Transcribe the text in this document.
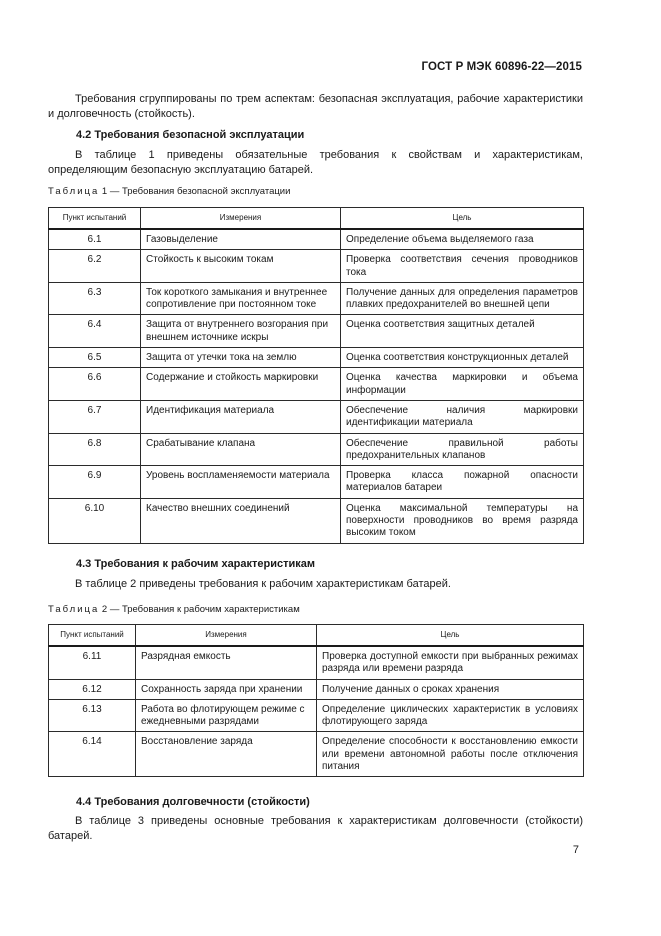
ГОСТ Р МЭК 60896-22—2015
Требования сгруппированы по трем аспектам: безопасная эксплуатация, рабочие характеристики и долговечность (стойкость).
4.2 Требования безопасной эксплуатации
В таблице 1 приведены обязательные требования к свойствам и характеристикам, определяющим безопасную эксплуатацию батарей.
Таблица 1 — Требования безопасной эксплуатации
Пункт испытаний	Измерения	Цель
6.1	Газовыделение	Определение объема выделяемого газа
6.2	Стойкость к высоким токам	Проверка соответствия сечения проводников тока
6.3	Ток короткого замыкания и внутреннее сопротивление при постоянном токе	Получение данных для определения параметров плавких предохранителей во внешней цепи
6.4	Защита от внутреннего возгорания при внешнем источнике искры	Оценка соответствия защитных деталей
6.5	Защита от утечки тока на землю	Оценка соответствия конструкционных деталей
6.6	Содержание и стойкость маркировки	Оценка качества маркировки и объема информации
6.7	Идентификация материала	Обеспечение наличия маркировки идентификации материала
6.8	Срабатывание клапана	Обеспечение правильной работы предохранительных клапанов
6.9	Уровень воспламеняемости материала	Проверка класса пожарной опасности материалов батареи
6.10	Качество внешних соединений	Оценка максимальной температуры на поверхности проводников во время разряда высоким током
4.3 Требования к рабочим характеристикам
В таблице 2 приведены требования к рабочим характеристикам батарей.
Таблица 2 — Требования к рабочим характеристикам
Пункт испытаний	Измерения	Цель
6.11	Разрядная емкость	Проверка доступной емкости при выбранных режимах разряда или времени разряда
6.12	Сохранность заряда при хранении	Получение данных о сроках хранения
6.13	Работа во флотирующем режиме с ежедневными разрядами	Определение циклических характеристик в условиях флотирующего заряда
6.14	Восстановление заряда	Определение способности к восстановлению емкости или времени автономной работы после отключения питания
4.4 Требования долговечности (стойкости)
В таблице 3 приведены основные требования к характеристикам долговечности (стойкости) батарей.
7
